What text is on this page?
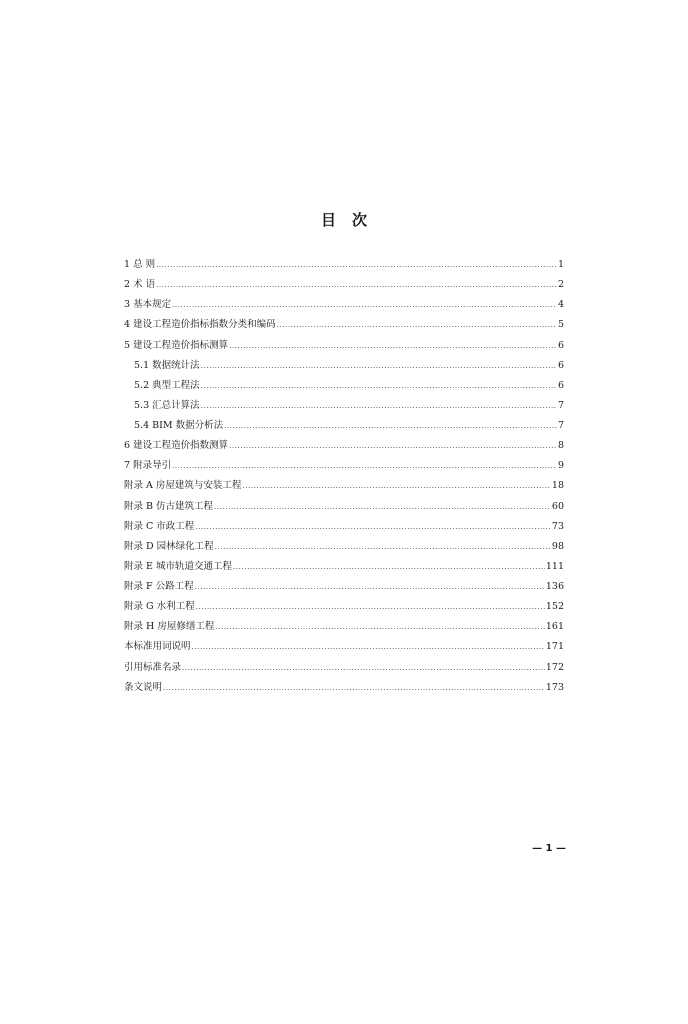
目次
1 总 则 .....	1
2 术 语 .....	2
3 基本规定 .....	4
4 建设工程造价指标指数分类和编码 .....	5
5 建设工程造价指标测算 .....	6
5.1 数据统计法 .....	6
5.2 典型工程法 .....	6
5.3 汇总计算法 .....	7
5.4 BIM 数据分析法 .....	7
6 建设工程造价指数测算 .....	8
7 附录导引 .....	9
附录 A 房屋建筑与安装工程 .....	18
附录 B 仿古建筑工程 .....	60
附录 C 市政工程 .....	73
附录 D 园林绿化工程 .....	98
附录 E 城市轨道交通工程 .....	111
附录 F 公路工程 .....	136
附录 G 水利工程 .....	152
附录 H 房屋修缮工程 .....	161
本标准用词说明 .....	171
引用标准名录 .....	172
条文说明 .....	173
— 1 —
